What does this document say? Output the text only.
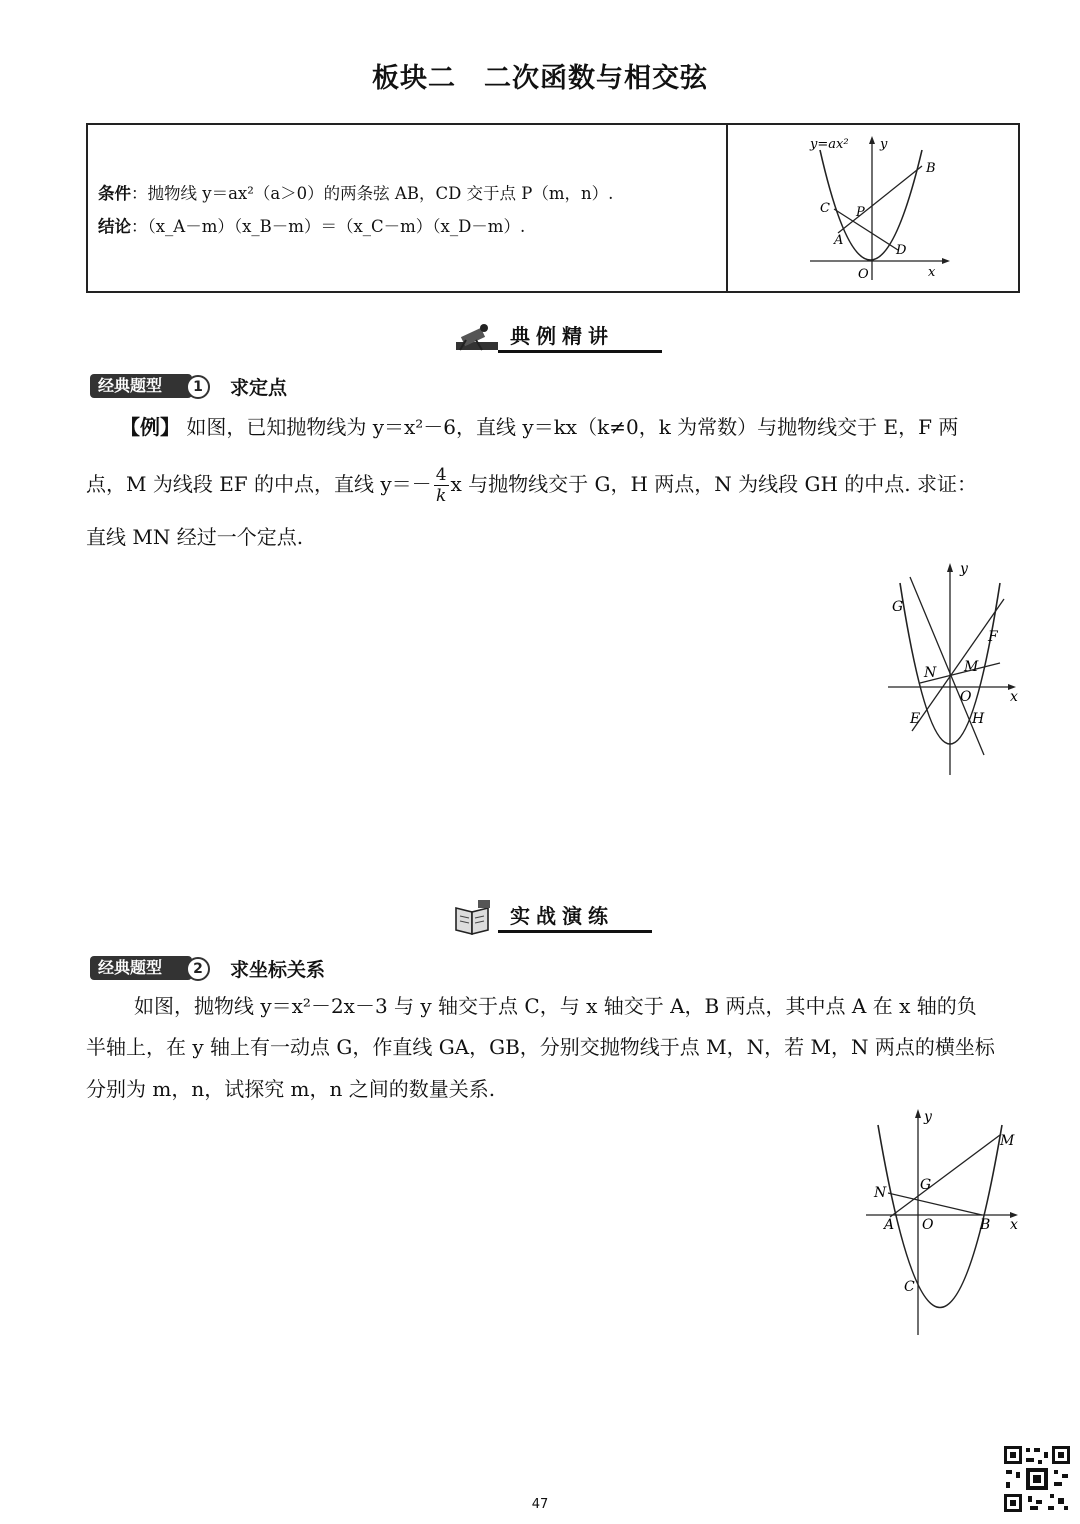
板块二　二次函数与相交弦
条件：抛物线 y＝ax²（a＞0）的两条弦 AB，CD 交于点 P（m，n）.
结论：（x_A－m）（x_B－m）＝（x_C－m）（x_D－m）.
y=ax² y
x
O
A
B
C
D
P
典例精讲
经典题型	1	求定点
【例】 如图，已知抛物线为 y＝x²－6，直线 y＝kx（k≠0，k 为常数）与抛物线交于 E，F 两
点，M 为线段 EF 的中点，直线 $y=- \frac{4}{k}$ x 与抛物线交于 G，H 两点，N 为线段 GH 的中点. 求证：
直线 MN 经过一个定点.
y
x
O
G
F
N M
E	H
实战演练
经典题型	2	求坐标关系
如图，抛物线 y＝x²－2x－3 与 y 轴交于点 C，与 x 轴交于 A，B 两点，其中点 A 在 x 轴的负
半轴上，在 y 轴上有一动点 G，作直线 GA，GB，分别交抛物线于点 M，N，若 M，N 两点的横坐标
分别为 m，n，试探究 m，n 之间的数量关系.
y
x
O
M
G
N
A	B
C
47
